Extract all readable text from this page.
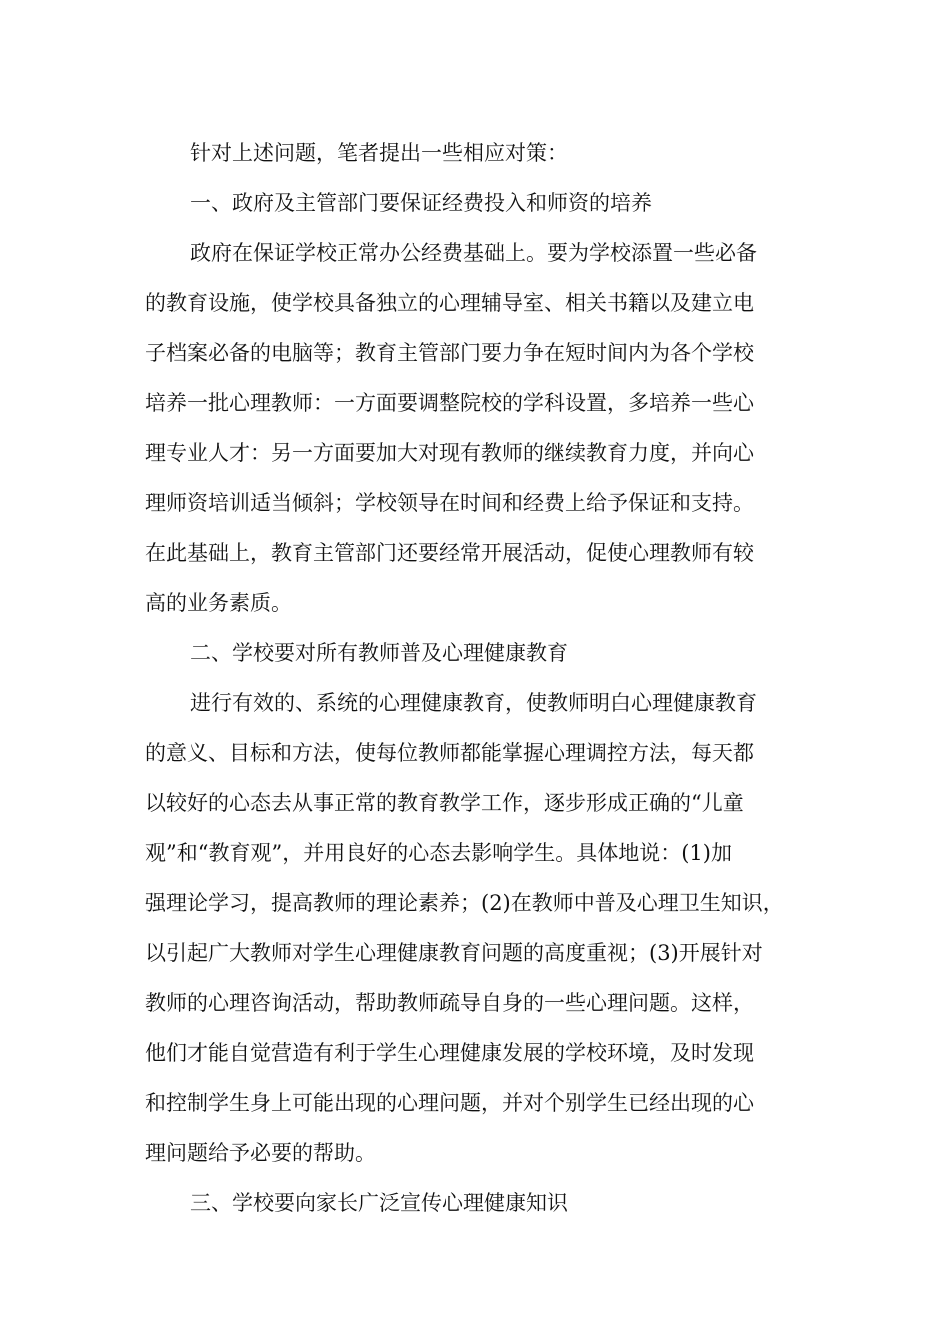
针对上述问题，笔者提出一些相应对策：

一、政府及主管部门要保证经费投入和师资的培养

政府在保证学校正常办公经费基础上。要为学校添置一些必备

的教育设施，使学校具备独立的心理辅导室、相关书籍以及建立电

子档案必备的电脑等；教育主管部门要力争在短时间内为各个学校

培养一批心理教师：一方面要调整院校的学科设置，多培养一些心

理专业人才：另一方面要加大对现有教师的继续教育力度，并向心

理师资培训适当倾斜；学校领导在时间和经费上给予保证和支持。

在此基础上，教育主管部门还要经常开展活动，促使心理教师有较

高的业务素质。

二、学校要对所有教师普及心理健康教育

进行有效的、系统的心理健康教育，使教师明白心理健康教育

的意义、目标和方法，使每位教师都能掌握心理调控方法，每天都

以较好的心态去从事正常的教育教学工作，逐步形成正确的“儿童

观”和“教育观”，并用良好的心态去影响学生。具体地说：(1)加

强理论学习，提高教师的理论素养；(2)在教师中普及心理卫生知识，

以引起广大教师对学生心理健康教育问题的高度重视；(3)开展针对

教师的心理咨询活动，帮助教师疏导自身的一些心理问题。这样，

他们才能自觉营造有利于学生心理健康发展的学校环境，及时发现

和控制学生身上可能出现的心理问题，并对个别学生已经出现的心

理问题给予必要的帮助。

三、学校要向家长广泛宣传心理健康知识
